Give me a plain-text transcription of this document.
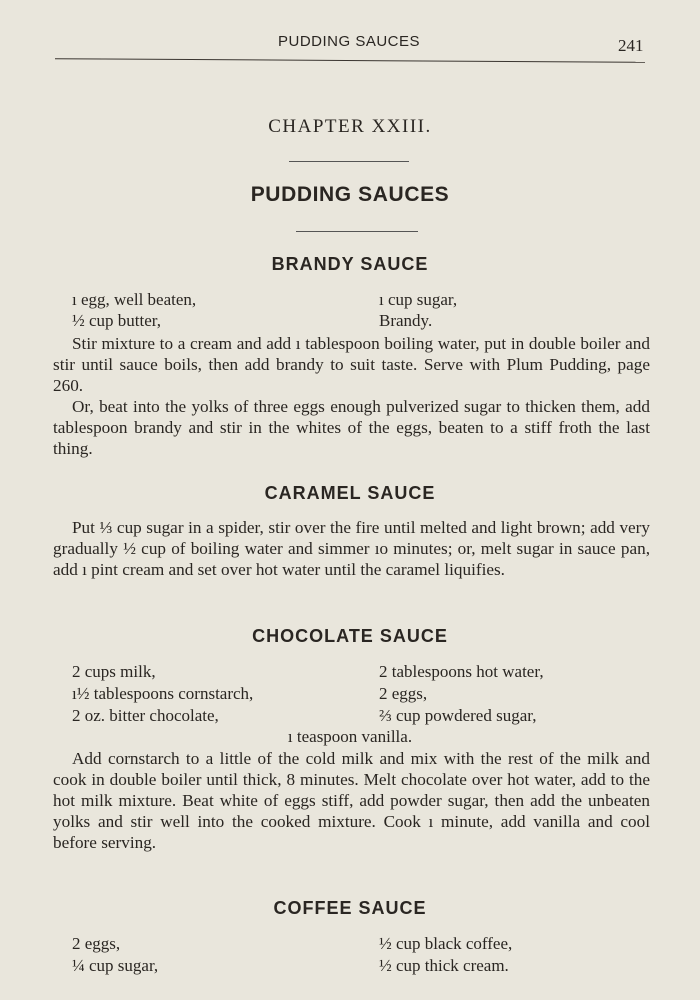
PUDDING SAUCES	241
CHAPTER XXIII.
PUDDING SAUCES
BRANDY SAUCE
ı egg, well beaten,	ı cup sugar,
½ cup butter,	Brandy.

Stir mixture to a cream and add ı tablespoon boiling water, put in double boiler and stir until sauce boils, then add brandy to suit taste. Serve with Plum Pudding, page 260.

Or, beat into the yolks of three eggs enough pulverized sugar to thicken them, add tablespoon brandy and stir in the whites of the eggs, beaten to a stiff froth the last thing.

CARAMEL SAUCE

Put ⅓ cup sugar in a spider, stir over the fire until melted and light brown; add very gradually ½ cup of boiling water and simmer ıo minutes; or, melt sugar in sauce pan, add ı pint cream and set over hot water until the caramel liquifies.

CHOCOLATE SAUCE
2 cups milk,	2 tablespoons hot water,
ı½ tablespoons cornstarch,	2 eggs,
2 oz. bitter chocolate,	⅔ cup powdered sugar,
ı teaspoon vanilla.

Add cornstarch to a little of the cold milk and mix with the rest of the milk and cook in double boiler until thick, 8 minutes. Melt chocolate over hot water, add to the hot milk mixture. Beat white of eggs stiff, add powder sugar, then add the unbeaten yolks and stir well into the cooked mixture. Cook ı minute, add vanilla and cool before serving.

COFFEE SAUCE
2 eggs,	½ cup black coffee,
¼ cup sugar,	½ cup thick cream.
